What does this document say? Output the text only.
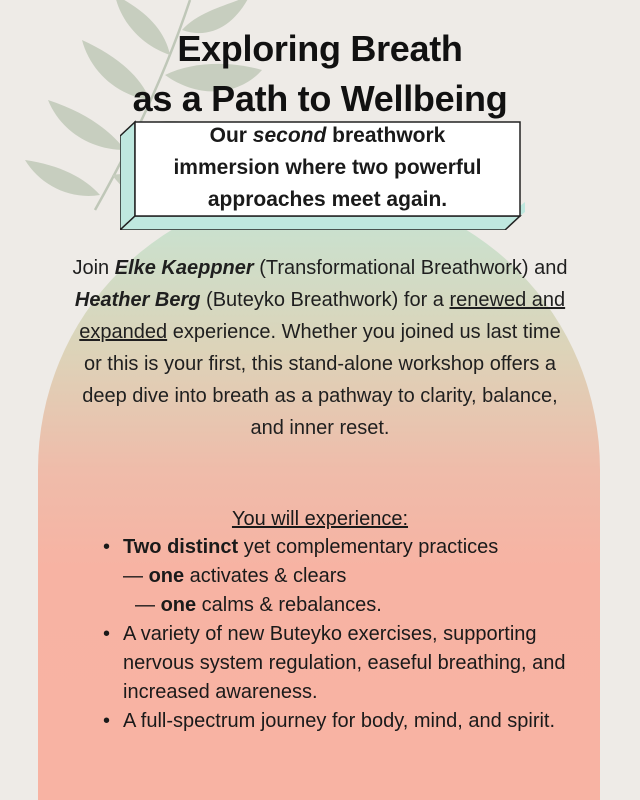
Exploring Breath
as a Path to Wellbeing
Our second breathwork
immersion where two powerful
approaches meet again.

Join Elke Kaeppner (Transformational Breathwork) and Heather Berg (Buteyko Breathwork) for a renewed and expanded experience. Whether you joined us last time or this is your first, this stand-alone workshop offers a deep dive into breath as a pathway to clarity, balance, and inner reset.

You will experience:

• Two distinct yet complementary practices
— one activates & clears
— one calms & rebalances.
• A variety of new Buteyko exercises, supporting nervous system regulation, easeful breathing, and increased awareness.
• A full-spectrum journey for body, mind, and spirit.
